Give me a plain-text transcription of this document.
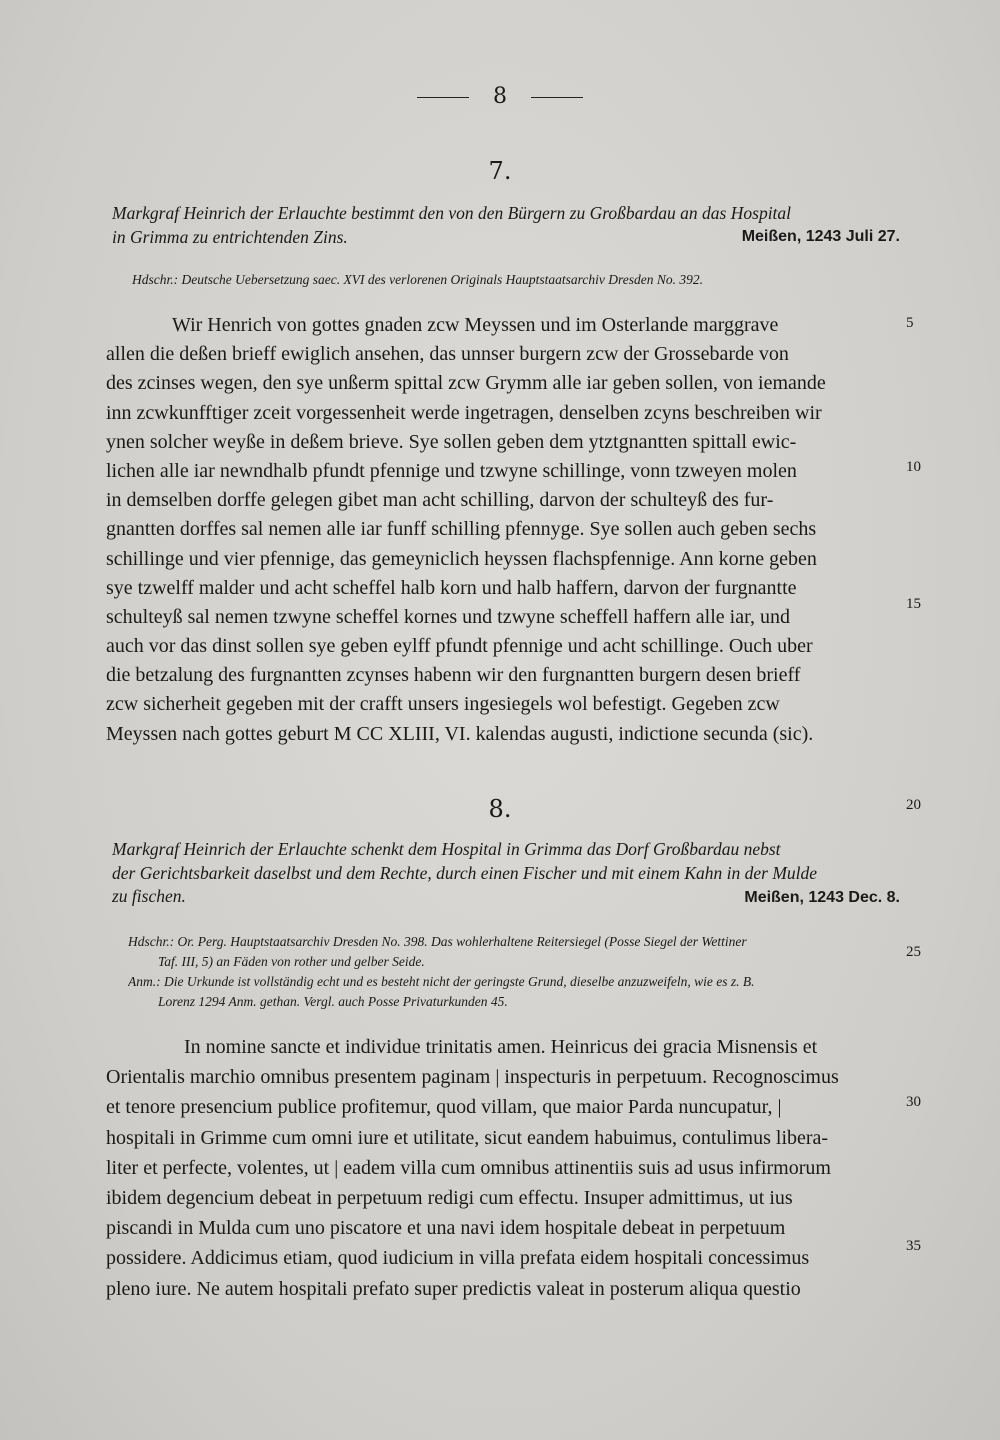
8
7.
Markgraf Heinrich der Erlauchte bestimmt den von den Bürgern zu Großbardau an das Hospital
in Grimma zu entrichtenden Zins.	Meißen, 1243 Juli 27.
Hdschr.: Deutsche Uebersetzung saec. XVI des verlorenen Originals Hauptstaatsarchiv Dresden No. 392.
Wir Henrich von gottes gnaden zcw Meyssen und im Osterlande marggrave
allen die deßen brieff ewiglich ansehen, das unnser burgern zcw der Grossebarde von
des zcinses wegen, den sye unßerm spittal zcw Grymm alle iar geben sollen, von iemande
inn zcwkunfftiger zceit vorgessenheit werde ingetragen, denselben zcyns beschreiben wir
ynen solcher weyße in deßem brieve. Sye sollen geben dem ytztgnantten spittall ewic-
lichen alle iar newndhalb pfundt pfennige und tzwyne schillinge, vonn tzweyen molen
in demselben dorffe gelegen gibet man acht schilling, darvon der schulteyß des fur-
gnantten dorffes sal nemen alle iar funff schilling pfennyge. Sye sollen auch geben sechs
schillinge und vier pfennige, das gemeyniclich heyssen flachspfennige. Ann korne geben
sye tzwelff malder und acht scheffel halb korn und halb haffern, darvon der furgnantte
schulteyß sal nemen tzwyne scheffel kornes und tzwyne scheffell haffern alle iar, und
auch vor das dinst sollen sye geben eylff pfundt pfennige und acht schillinge. Ouch uber
die betzalung des furgnantten zcynses habenn wir den furgnantten burgern desen brieff
zcw sicherheit gegeben mit der crafft unsers ingesiegels wol befestigt. Gegeben zcw
Meyssen nach gottes geburt M CC XLIII, VI. kalendas augusti, indictione secunda (sic).
8.
Markgraf Heinrich der Erlauchte schenkt dem Hospital in Grimma das Dorf Großbardau nebst
der Gerichtsbarkeit daselbst und dem Rechte, durch einen Fischer und mit einem Kahn in der Mulde
zu fischen.	Meißen, 1243 Dec. 8.
Hdschr.: Or. Perg. Hauptstaatsarchiv Dresden No. 398. Das wohlerhaltene Reitersiegel (Posse Siegel der Wettiner
Taf. III, 5) an Fäden von rother und gelber Seide.
Anm.: Die Urkunde ist vollständig echt und es besteht nicht der geringste Grund, dieselbe anzuzweifeln, wie es z. B.
Lorenz 1294 Anm. gethan. Vergl. auch Posse Privaturkunden 45.
In nomine sancte et individue trinitatis amen. Heinricus dei gracia Misnensis et
Orientalis marchio omnibus presentem paginam | inspecturis in perpetuum. Recognoscimus
et tenore presencium publice profitemur, quod villam, que maior Parda nuncupatur, |
hospitali in Grimme cum omni iure et utilitate, sicut eandem habuimus, contulimus libera-
liter et perfecte, volentes, ut | eadem villa cum omnibus attinentiis suis ad usus infirmorum
ibidem degencium debeat in perpetuum redigi cum effectu. Insuper admittimus, ut ius
piscandi in Mulda cum uno piscatore et una navi idem hospitale debeat in perpetuum
possidere. Addicimus etiam, quod iudicium in villa prefata eidem hospitali concessimus
pleno iure. Ne autem hospitali prefato super predictis valeat in posterum aliqua questio
5
10
15
20
25
30
35
